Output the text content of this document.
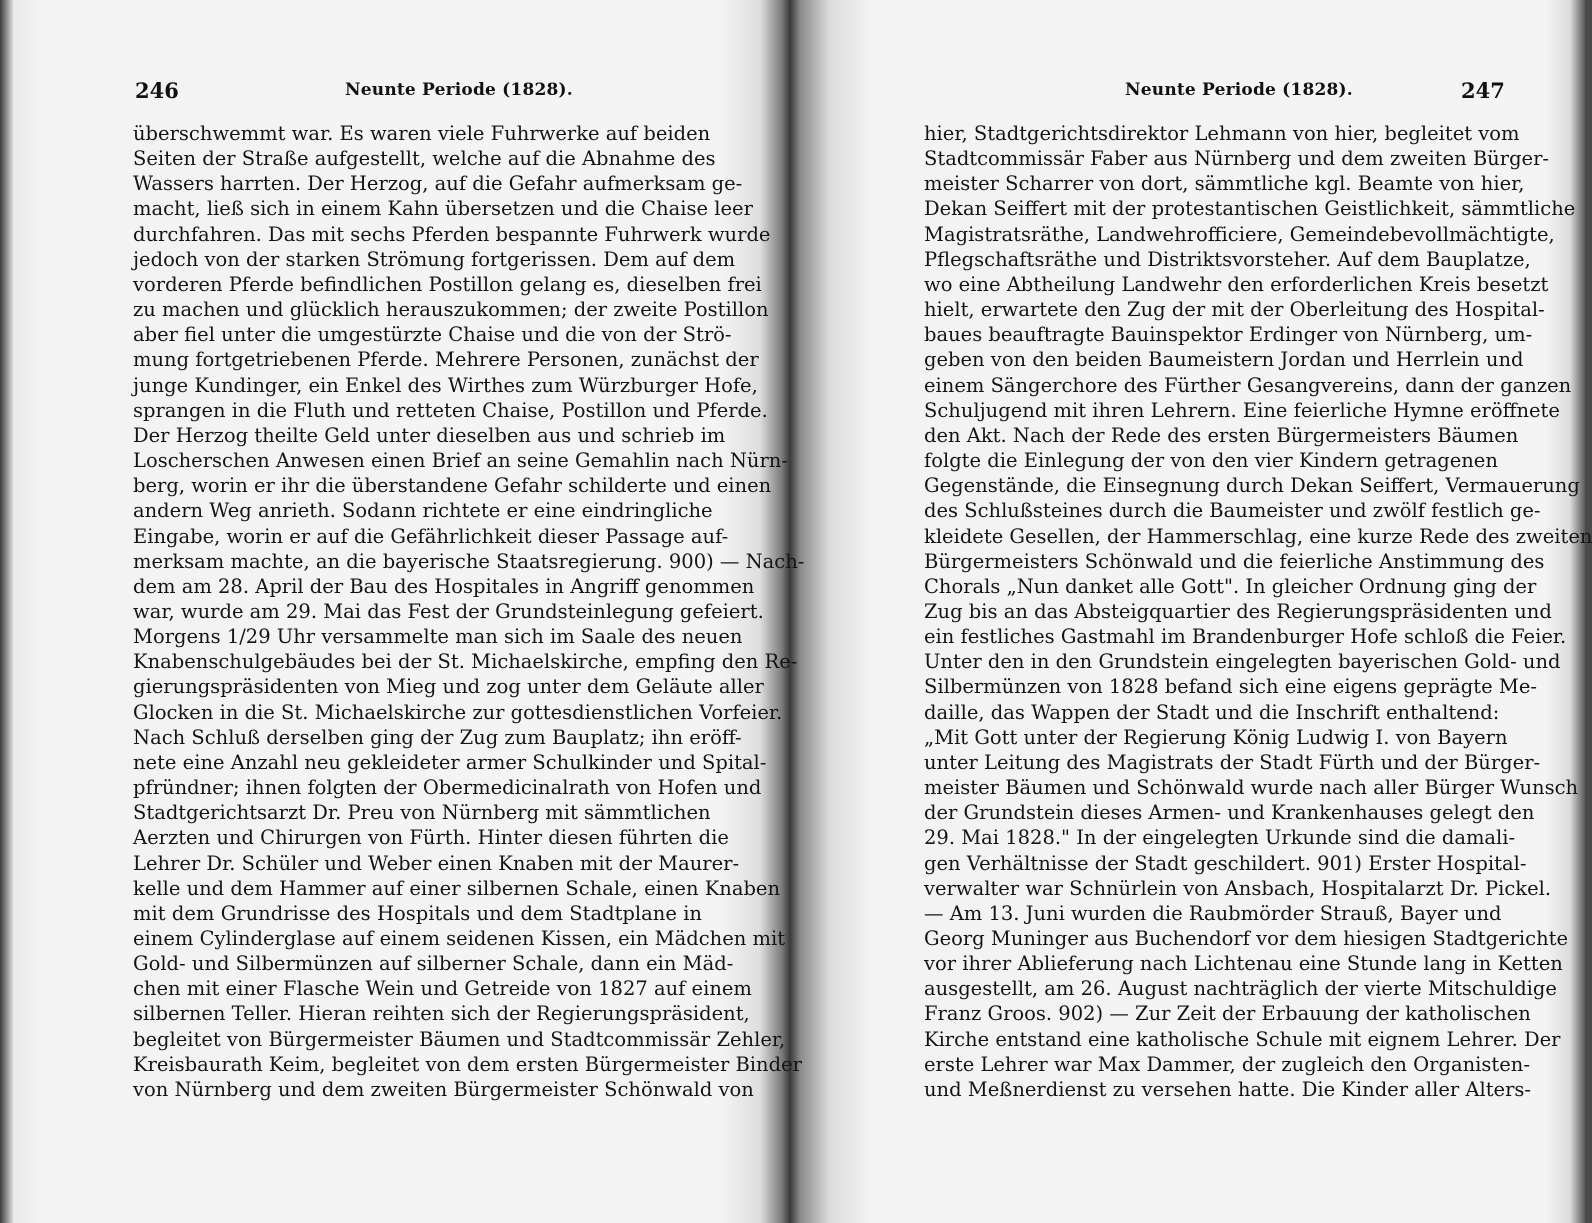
246	Neunte Periode (1828).
überschwemmt war. Es waren viele Fuhrwerke auf beiden
Seiten der Straße aufgestellt, welche auf die Abnahme des
Wassers harrten. Der Herzog, auf die Gefahr aufmerksam ge-
macht, ließ sich in einem Kahn übersetzen und die Chaise leer
durchfahren. Das mit sechs Pferden bespannte Fuhrwerk wurde
jedoch von der starken Strömung fortgerissen. Dem auf dem
vorderen Pferde befindlichen Postillon gelang es, dieselben frei
zu machen und glücklich herauszukommen; der zweite Postillon
aber fiel unter die umgestürzte Chaise und die von der Strö-
mung fortgetriebenen Pferde. Mehrere Personen, zunächst der
junge Kundinger, ein Enkel des Wirthes zum Würzburger Hofe,
sprangen in die Fluth und retteten Chaise, Postillon und Pferde.
Der Herzog theilte Geld unter dieselben aus und schrieb im
Loscherschen Anwesen einen Brief an seine Gemahlin nach Nürn-
berg, worin er ihr die überstandene Gefahr schilderte und einen
andern Weg anrieth. Sodann richtete er eine eindringliche
Eingabe, worin er auf die Gefährlichkeit dieser Passage auf-
merksam machte, an die bayerische Staatsregierung. 900) — Nach-
dem am 28. April der Bau des Hospitales in Angriff genommen
war, wurde am 29. Mai das Fest der Grundsteinlegung gefeiert.
Morgens 1/29 Uhr versammelte man sich im Saale des neuen
Knabenschulgebäudes bei der St. Michaelskirche, empfing den Re-
gierungspräsidenten von Mieg und zog unter dem Geläute aller
Glocken in die St. Michaelskirche zur gottesdienstlichen Vorfeier.
Nach Schluß derselben ging der Zug zum Bauplatz; ihn eröff-
nete eine Anzahl neu gekleideter armer Schulkinder und Spital-
pfründner; ihnen folgten der Obermedicinalrath von Hofen und
Stadtgerichtsarzt Dr. Preu von Nürnberg mit sämmtlichen
Aerzten und Chirurgen von Fürth. Hinter diesen führten die
Lehrer Dr. Schüler und Weber einen Knaben mit der Maurer-
kelle und dem Hammer auf einer silbernen Schale, einen Knaben
mit dem Grundrisse des Hospitals und dem Stadtplane in
einem Cylinderglase auf einem seidenen Kissen, ein Mädchen mit
Gold- und Silbermünzen auf silberner Schale, dann ein Mäd-
chen mit einer Flasche Wein und Getreide von 1827 auf einem
silbernen Teller. Hieran reihten sich der Regierungspräsident,
begleitet von Bürgermeister Bäumen und Stadtcommissär Zehler,
Kreisbaurath Keim, begleitet von dem ersten Bürgermeister Binder
von Nürnberg und dem zweiten Bürgermeister Schönwald von
Neunte Periode (1828).	247
hier, Stadtgerichtsdirektor Lehmann von hier, begleitet vom
Stadtcommissär Faber aus Nürnberg und dem zweiten Bürger-
meister Scharrer von dort, sämmtliche kgl. Beamte von hier,
Dekan Seiffert mit der protestantischen Geistlichkeit, sämmtliche
Magistratsräthe, Landwehrofficiere, Gemeindebevollmächtigte,
Pflegschaftsräthe und Distriktsvorsteher. Auf dem Bauplatze,
wo eine Abtheilung Landwehr den erforderlichen Kreis besetzt
hielt, erwartete den Zug der mit der Oberleitung des Hospital-
baues beauftragte Bauinspektor Erdinger von Nürnberg, um-
geben von den beiden Baumeistern Jordan und Herrlein und
einem Sängerchore des Fürther Gesangvereins, dann der ganzen
Schuljugend mit ihren Lehrern. Eine feierliche Hymne eröffnete
den Akt. Nach der Rede des ersten Bürgermeisters Bäumen
folgte die Einlegung der von den vier Kindern getragenen
Gegenstände, die Einsegnung durch Dekan Seiffert, Vermauerung
des Schlußsteines durch die Baumeister und zwölf festlich ge-
kleidete Gesellen, der Hammerschlag, eine kurze Rede des zweiten
Bürgermeisters Schönwald und die feierliche Anstimmung des
Chorals „Nun danket alle Gott". In gleicher Ordnung ging der
Zug bis an das Absteigquartier des Regierungspräsidenten und
ein festliches Gastmahl im Brandenburger Hofe schloß die Feier.
Unter den in den Grundstein eingelegten bayerischen Gold- und
Silbermünzen von 1828 befand sich eine eigens geprägte Me-
daille, das Wappen der Stadt und die Inschrift enthaltend:
„Mit Gott unter der Regierung König Ludwig I. von Bayern
unter Leitung des Magistrats der Stadt Fürth und der Bürger-
meister Bäumen und Schönwald wurde nach aller Bürger Wunsch
der Grundstein dieses Armen- und Krankenhauses gelegt den
29. Mai 1828." In der eingelegten Urkunde sind die damali-
gen Verhältnisse der Stadt geschildert. 901) Erster Hospital-
verwalter war Schnürlein von Ansbach, Hospitalarzt Dr. Pickel.
— Am 13. Juni wurden die Raubmörder Strauß, Bayer und
Georg Muninger aus Buchendorf vor dem hiesigen Stadtgerichte
vor ihrer Ablieferung nach Lichtenau eine Stunde lang in Ketten
ausgestellt, am 26. August nachträglich der vierte Mitschuldige
Franz Groos. 902) — Zur Zeit der Erbauung der katholischen
Kirche entstand eine katholische Schule mit eignem Lehrer. Der
erste Lehrer war Max Dammer, der zugleich den Organisten-
und Meßnerdienst zu versehen hatte. Die Kinder aller Alters-
